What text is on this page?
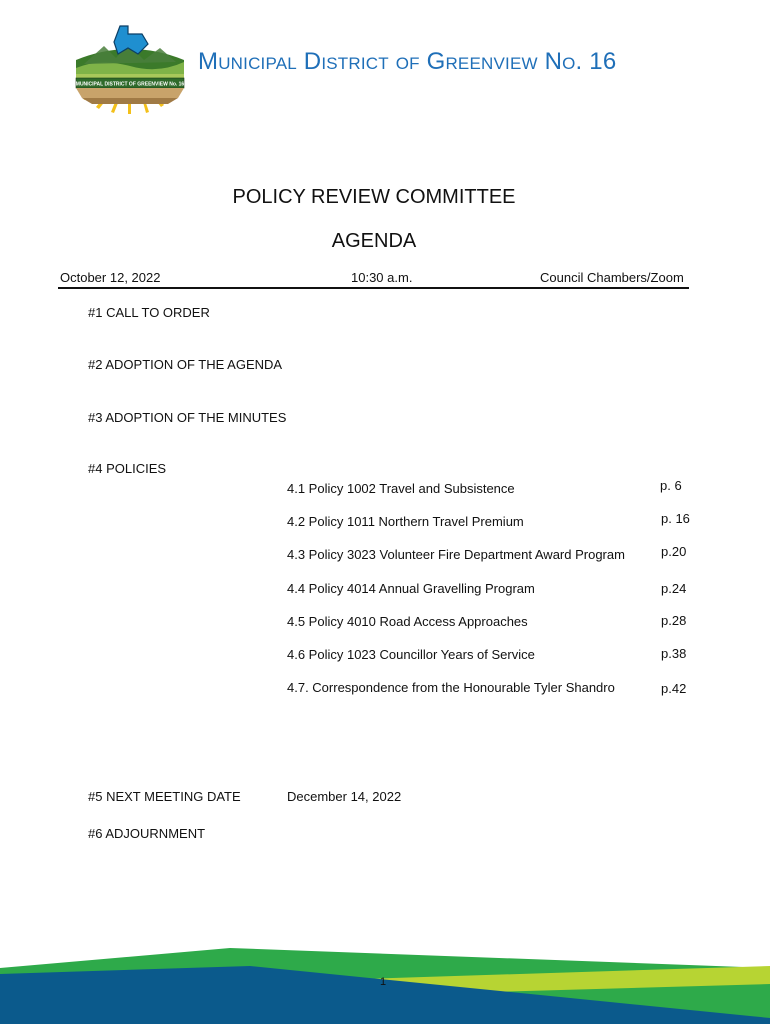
MUNICIPAL DISTRICT OF GREENVIEW No. 16
Municipal District of Greenview No. 16
POLICY REVIEW COMMITTEE
AGENDA
October 12, 2022	10:30 a.m.	Council Chambers/Zoom
#1 CALL TO ORDER
#2 ADOPTION OF THE AGENDA
#3 ADOPTION OF THE MINUTES
#4 POLICIES
4.1 Policy 1002 Travel and Subsistence	p. 6
4.2 Policy 1011 Northern Travel Premium	p. 16
4.3 Policy 3023 Volunteer Fire Department Award Program	p.20
4.4 Policy 4014 Annual Gravelling Program	p.24
4.5 Policy 4010 Road Access Approaches	p.28
4.6 Policy 1023 Councillor Years of Service	p.38
4.7. Correspondence from the Honourable Tyler Shandro	p.42
#5 NEXT MEETING DATE	December 14, 2022
#6 ADJOURNMENT
1
